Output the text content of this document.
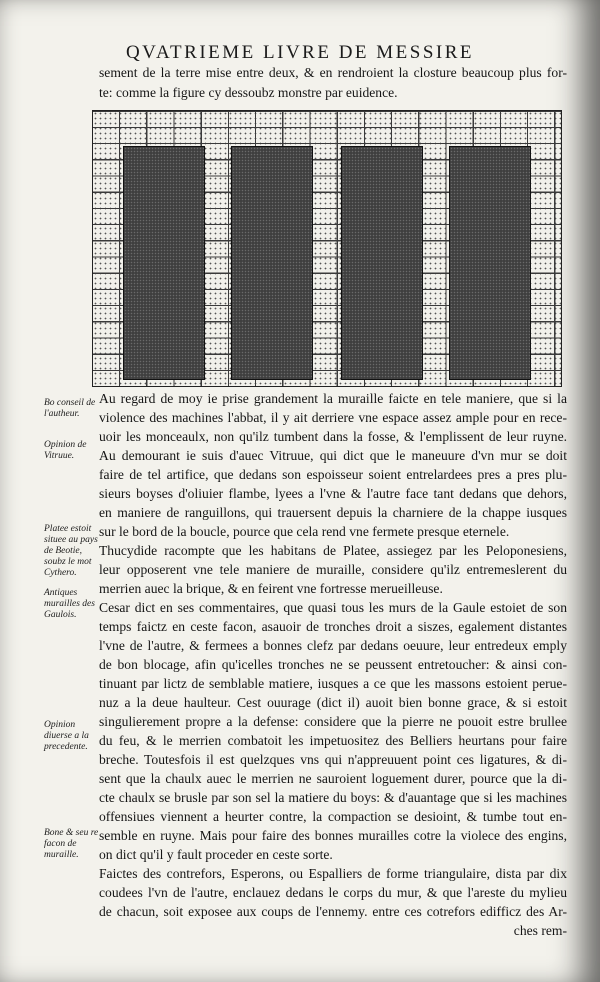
QVATRIEME LIVRE DE MESSIRE
sement de la terre mise entre deux, & en rendroient la closture beaucoup plus for-
te: comme la figure cy dessoubz monstre par euidence.
Au regard de moy ie prise grandement la muraille faicte en tele maniere, que si la
violence des machines l'abbat, il y ait derriere vne espace assez ample pour en rece-
uoir les monceaulx, non qu'ilz tumbent dans la fosse, & l'emplissent de leur ruyne.
Au demourant ie suis d'auec Vitruue, qui dict que le maneuure d'vn mur se doit
faire de tel artifice, que dedans son espoisseur soient entrelardees pres a pres plu-
sieurs boyses d'oliuier flambe, lyees a l'vne & l'autre face tant dedans que dehors,
en maniere de ranguillons, qui trauersent depuis la charniere de la chappe iusques
sur le bord de la boucle, pource que cela rend vne fermete presque eternele.
Thucydide racompte que les habitans de Platee, assiegez par les Peloponesiens,
leur opposerent vne tele maniere de muraille, considere qu'ilz entremeslerent du
merrien auec la brique, & en feirent vne fortresse merueilleuse.
Cesar dict en ses commentaires, que quasi tous les murs de la Gaule estoiet de son
temps faictz en ceste facon, asauoir de tronches droit a siszes, egalement distantes
l'vne de l'autre, & fermees a bonnes clefz par dedans oeuure, leur entredeux emply
de bon blocage, afin qu'icelles tronches ne se peussent entretoucher: & ainsi con-
tinuant par lictz de semblable matiere, iusques a ce que les massons estoient perue-
nuz a la deue haulteur. Cest ouurage (dict il) auoit bien bonne grace, & si estoit
singulierement propre a la defense: considere que la pierre ne pouoit estre brullee
du feu, & le merrien combatoit les impetuositez des Belliers heurtans pour faire
breche. Toutesfois il est quelzques vns qui n'appreuuent point ces ligatures, & di-
sent que la chaulx auec le merrien ne sauroient loguement durer, pource que la di-
cte chaulx se brusle par son sel la matiere du boys: & d'auantage que si les machines
offensiues viennent a heurter contre, la compaction se desioint, & tumbe tout en-
semble en ruyne. Mais pour faire des bonnes murailles cotre la violece des engins,
on dict qu'il y fault proceder en ceste sorte.
Faictes des contrefors, Esperons, ou Espalliers de forme triangulaire, dista par dix
coudees l'vn de l'autre, enclauez dedans le corps du mur, & que l'areste du mylieu
de chacun, soit exposee aux coups de l'ennemy. entre ces cotrefors edifficz des Ar-
ches rem-
Bo conseil de l'autheur.
Opinion de Vitruue.
Platee estoit situee au pays de Beotie, soubz le mot Cythero.
Antiques murailles des Gaulois.
Opinion diuerse a la precedente.
Bone & seu re facon de muraille.
